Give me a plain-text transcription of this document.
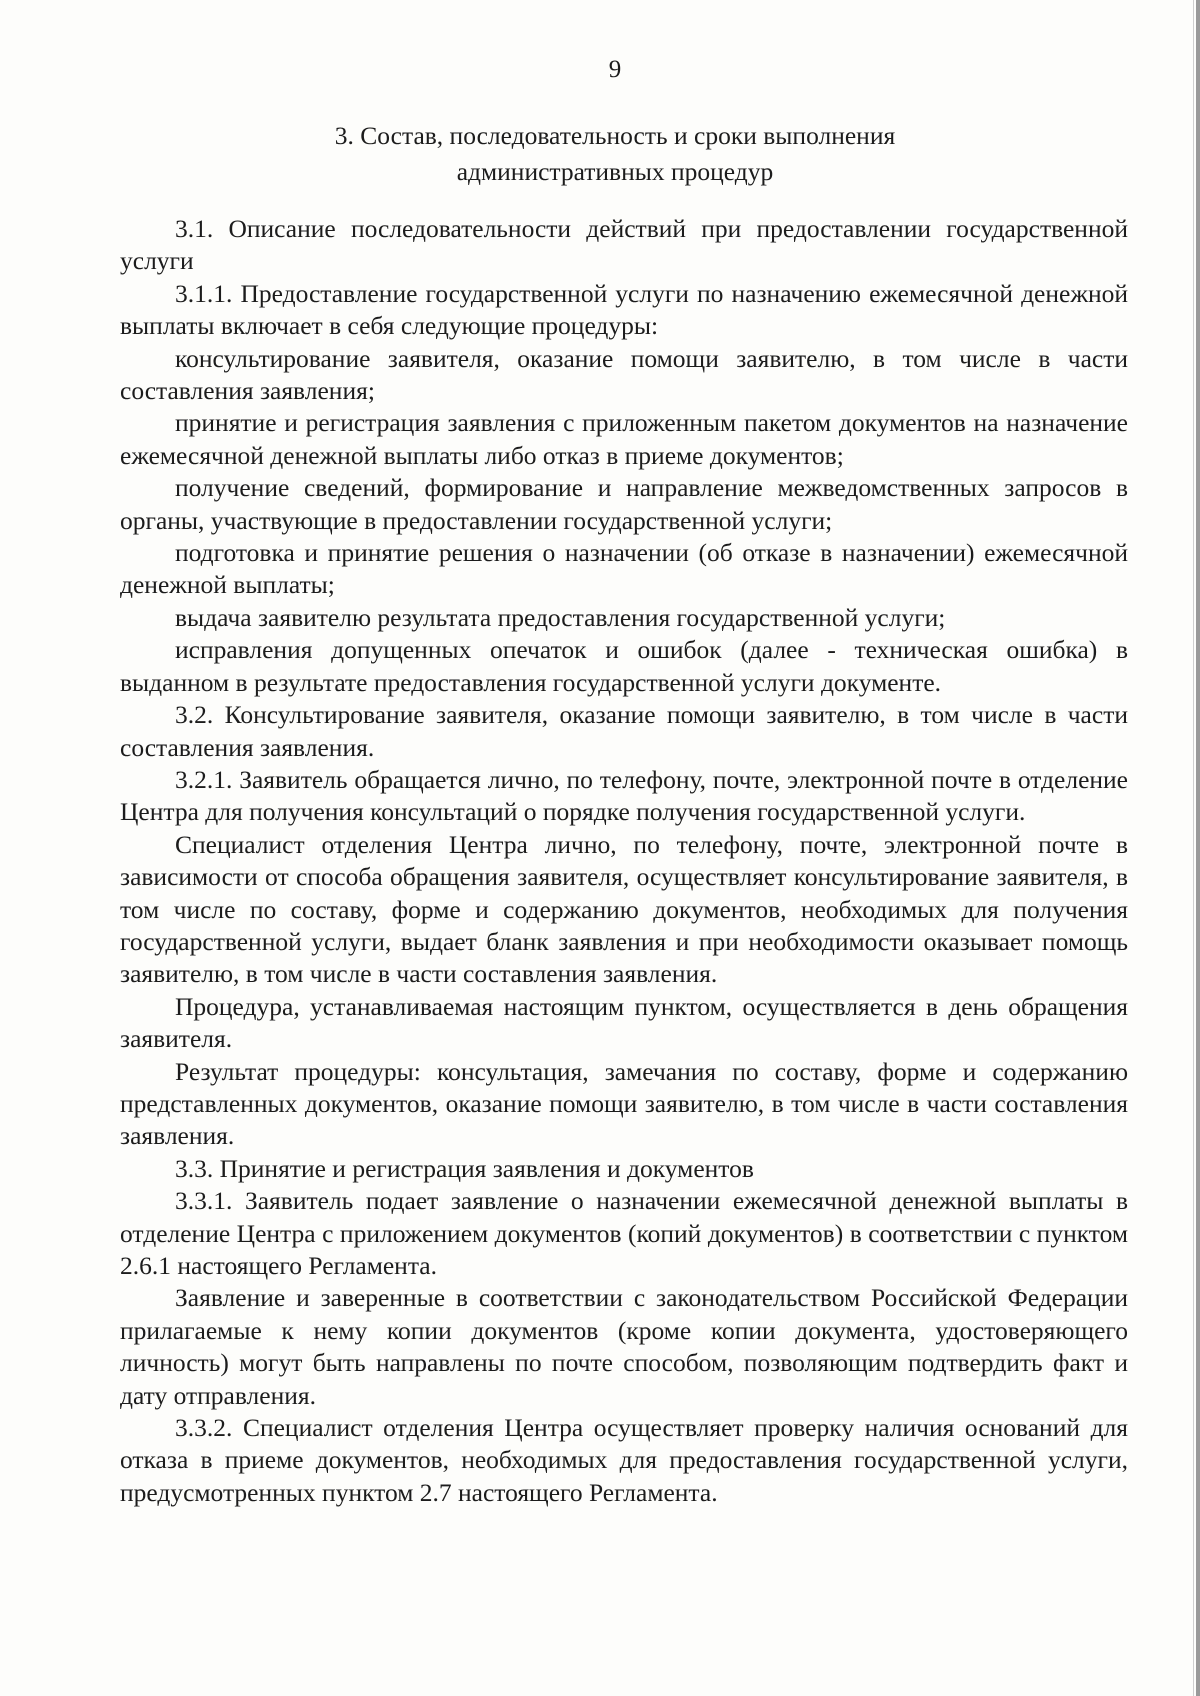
9
3. Состав, последовательность и сроки выполнения
административных процедур

3.1. Описание последовательности действий при предоставлении государственной услуги

3.1.1. Предоставление государственной услуги по назначению ежемесячной денежной выплаты включает в себя следующие процедуры:

консультирование заявителя, оказание помощи заявителю, в том числе в части составления заявления;

принятие и регистрация заявления с приложенным пакетом документов на назначение ежемесячной денежной выплаты либо отказ в приеме документов;

получение сведений, формирование и направление межведомственных запросов в органы, участвующие в предоставлении государственной услуги;

подготовка и принятие решения о назначении (об отказе в назначении) ежемесячной денежной выплаты;

выдача заявителю результата предоставления государственной услуги;

исправления допущенных опечаток и ошибок (далее - техническая ошибка) в выданном в результате предоставления государственной услуги документе.

3.2. Консультирование заявителя, оказание помощи заявителю, в том числе в части составления заявления.

3.2.1. Заявитель обращается лично, по телефону, почте, электронной почте в отделение Центра для получения консультаций о порядке получения государственной услуги.

Специалист отделения Центра лично, по телефону, почте, электронной почте в зависимости от способа обращения заявителя, осуществляет консультирование заявителя, в том числе по составу, форме и содержанию документов, необходимых для получения государственной услуги, выдает бланк заявления и при необходимости оказывает помощь заявителю, в том числе в части составления заявления.

Процедура, устанавливаемая настоящим пунктом, осуществляется в день обращения заявителя.

Результат процедуры: консультация, замечания по составу, форме и содержанию представленных документов, оказание помощи заявителю, в том числе в части составления заявления.

3.3. Принятие и регистрация заявления и документов

3.3.1. Заявитель подает заявление о назначении ежемесячной денежной выплаты в отделение Центра с приложением документов (копий документов) в соответствии с пунктом 2.6.1 настоящего Регламента.

Заявление и заверенные в соответствии с законодательством Российской Федерации прилагаемые к нему копии документов (кроме копии документа, удостоверяющего личность) могут быть направлены по почте способом, позволяющим подтвердить факт и дату отправления.

3.3.2. Специалист отделения Центра осуществляет проверку наличия оснований для отказа в приеме документов, необходимых для предоставления государственной услуги, предусмотренных пунктом 2.7 настоящего Регламента.
